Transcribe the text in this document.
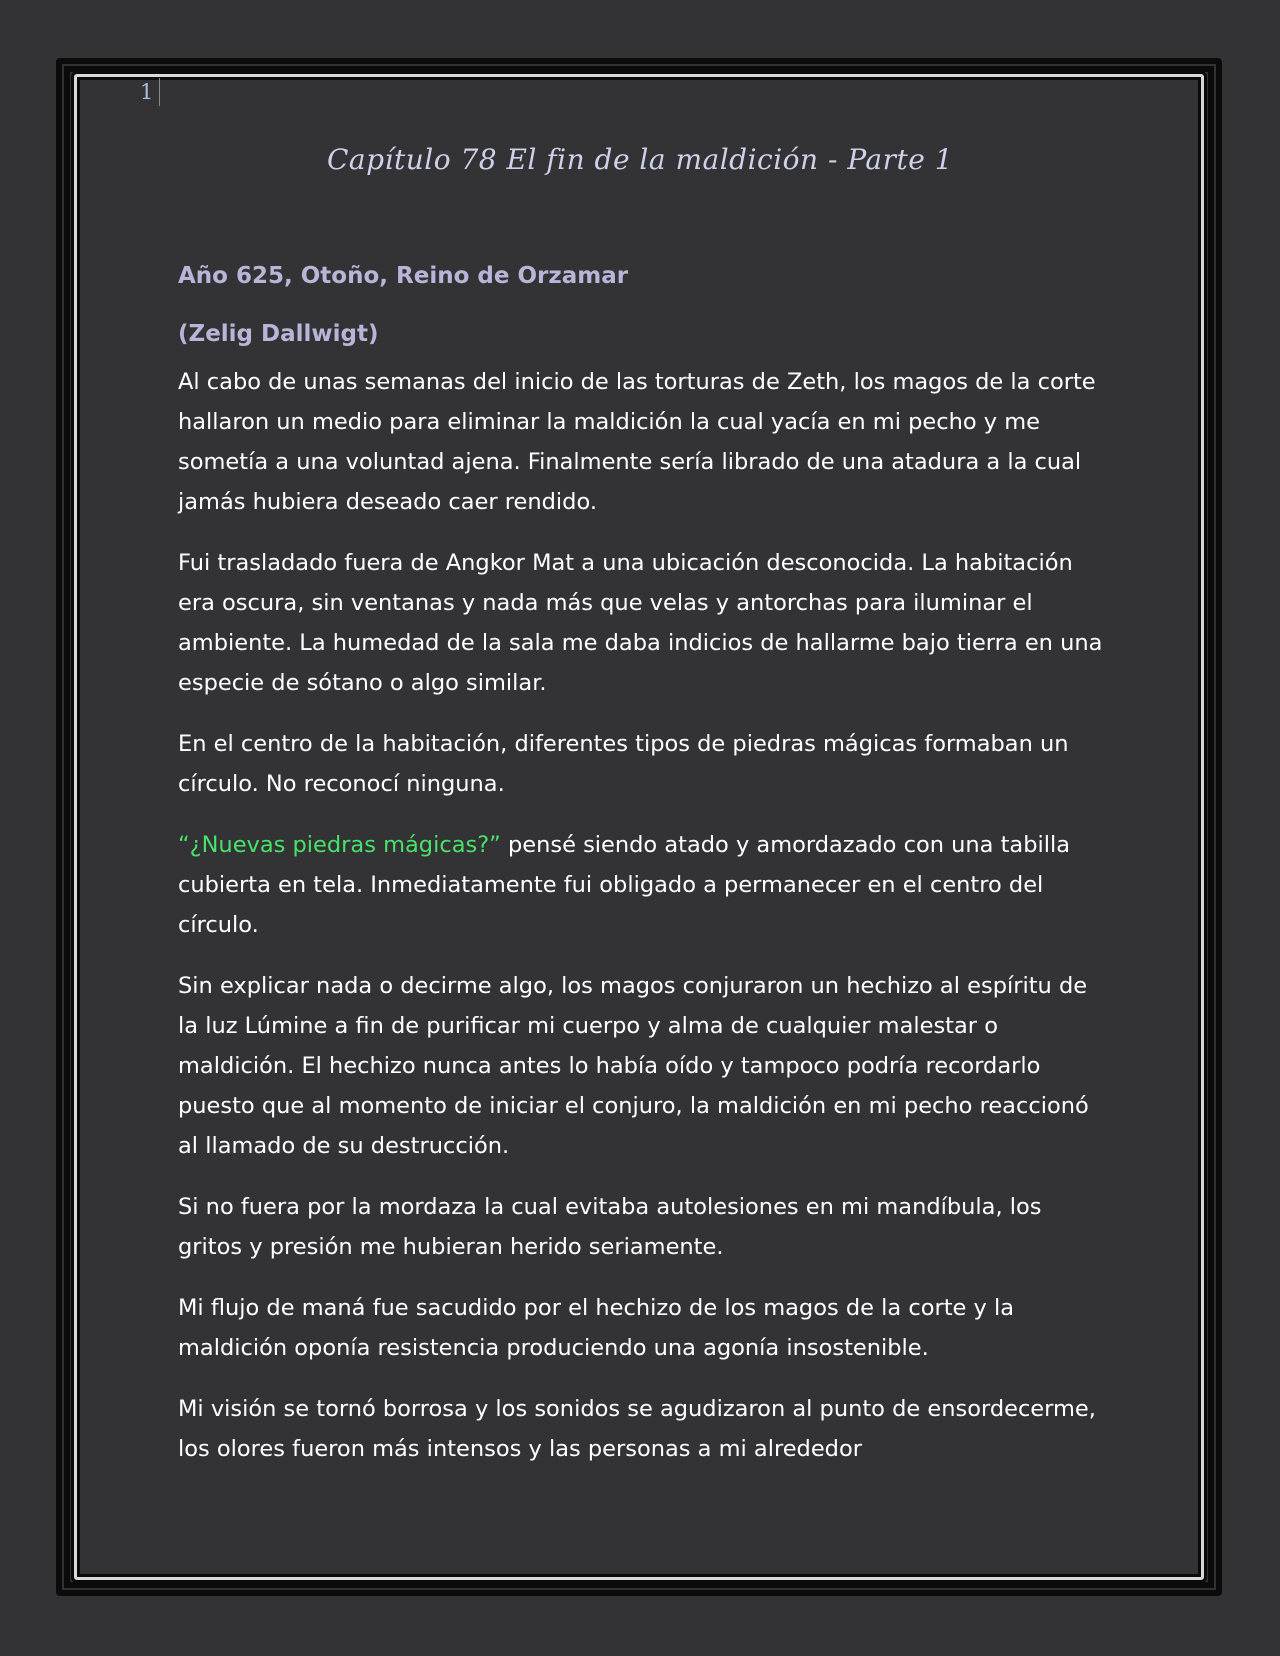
1
Capítulo 78 El fin de la maldición - Parte 1
Año 625, Otoño, Reino de Orzamar
(Zelig Dallwigt)

Al cabo de unas semanas del inicio de las torturas de Zeth, los magos de la corte hallaron un medio para eliminar la maldición la cual yacía en mi pecho y me sometía a una voluntad ajena. Finalmente sería librado de una atadura a la cual jamás hubiera deseado caer rendido.

Fui trasladado fuera de Angkor Mat a una ubicación desconocida. La habitación era oscura, sin ventanas y nada más que velas y antorchas para iluminar el ambiente. La humedad de la sala me daba indicios de hallarme bajo tierra en una especie de sótano o algo similar.

En el centro de la habitación, diferentes tipos de piedras mágicas formaban un círculo. No reconocí ninguna.

“¿Nuevas piedras mágicas?” pensé siendo atado y amordazado con una tabilla cubierta en tela. Inmediatamente fui obligado a permanecer en el centro del círculo.

Sin explicar nada o decirme algo, los magos conjuraron un hechizo al espíritu de la luz Lúmine a fin de purificar mi cuerpo y alma de cualquier malestar o maldición. El hechizo nunca antes lo había oído y tampoco podría recordarlo puesto que al momento de iniciar el conjuro, la maldición en mi pecho reaccionó al llamado de su destrucción.

Si no fuera por la mordaza la cual evitaba autolesiones en mi mandíbula, los gritos y presión me hubieran herido seriamente.

Mi flujo de maná fue sacudido por el hechizo de los magos de la corte y la maldición oponía resistencia produciendo una agonía insostenible.

Mi visión se tornó borrosa y los sonidos se agudizaron al punto de ensordecerme, los olores fueron más intensos y las personas a mi alrededor
